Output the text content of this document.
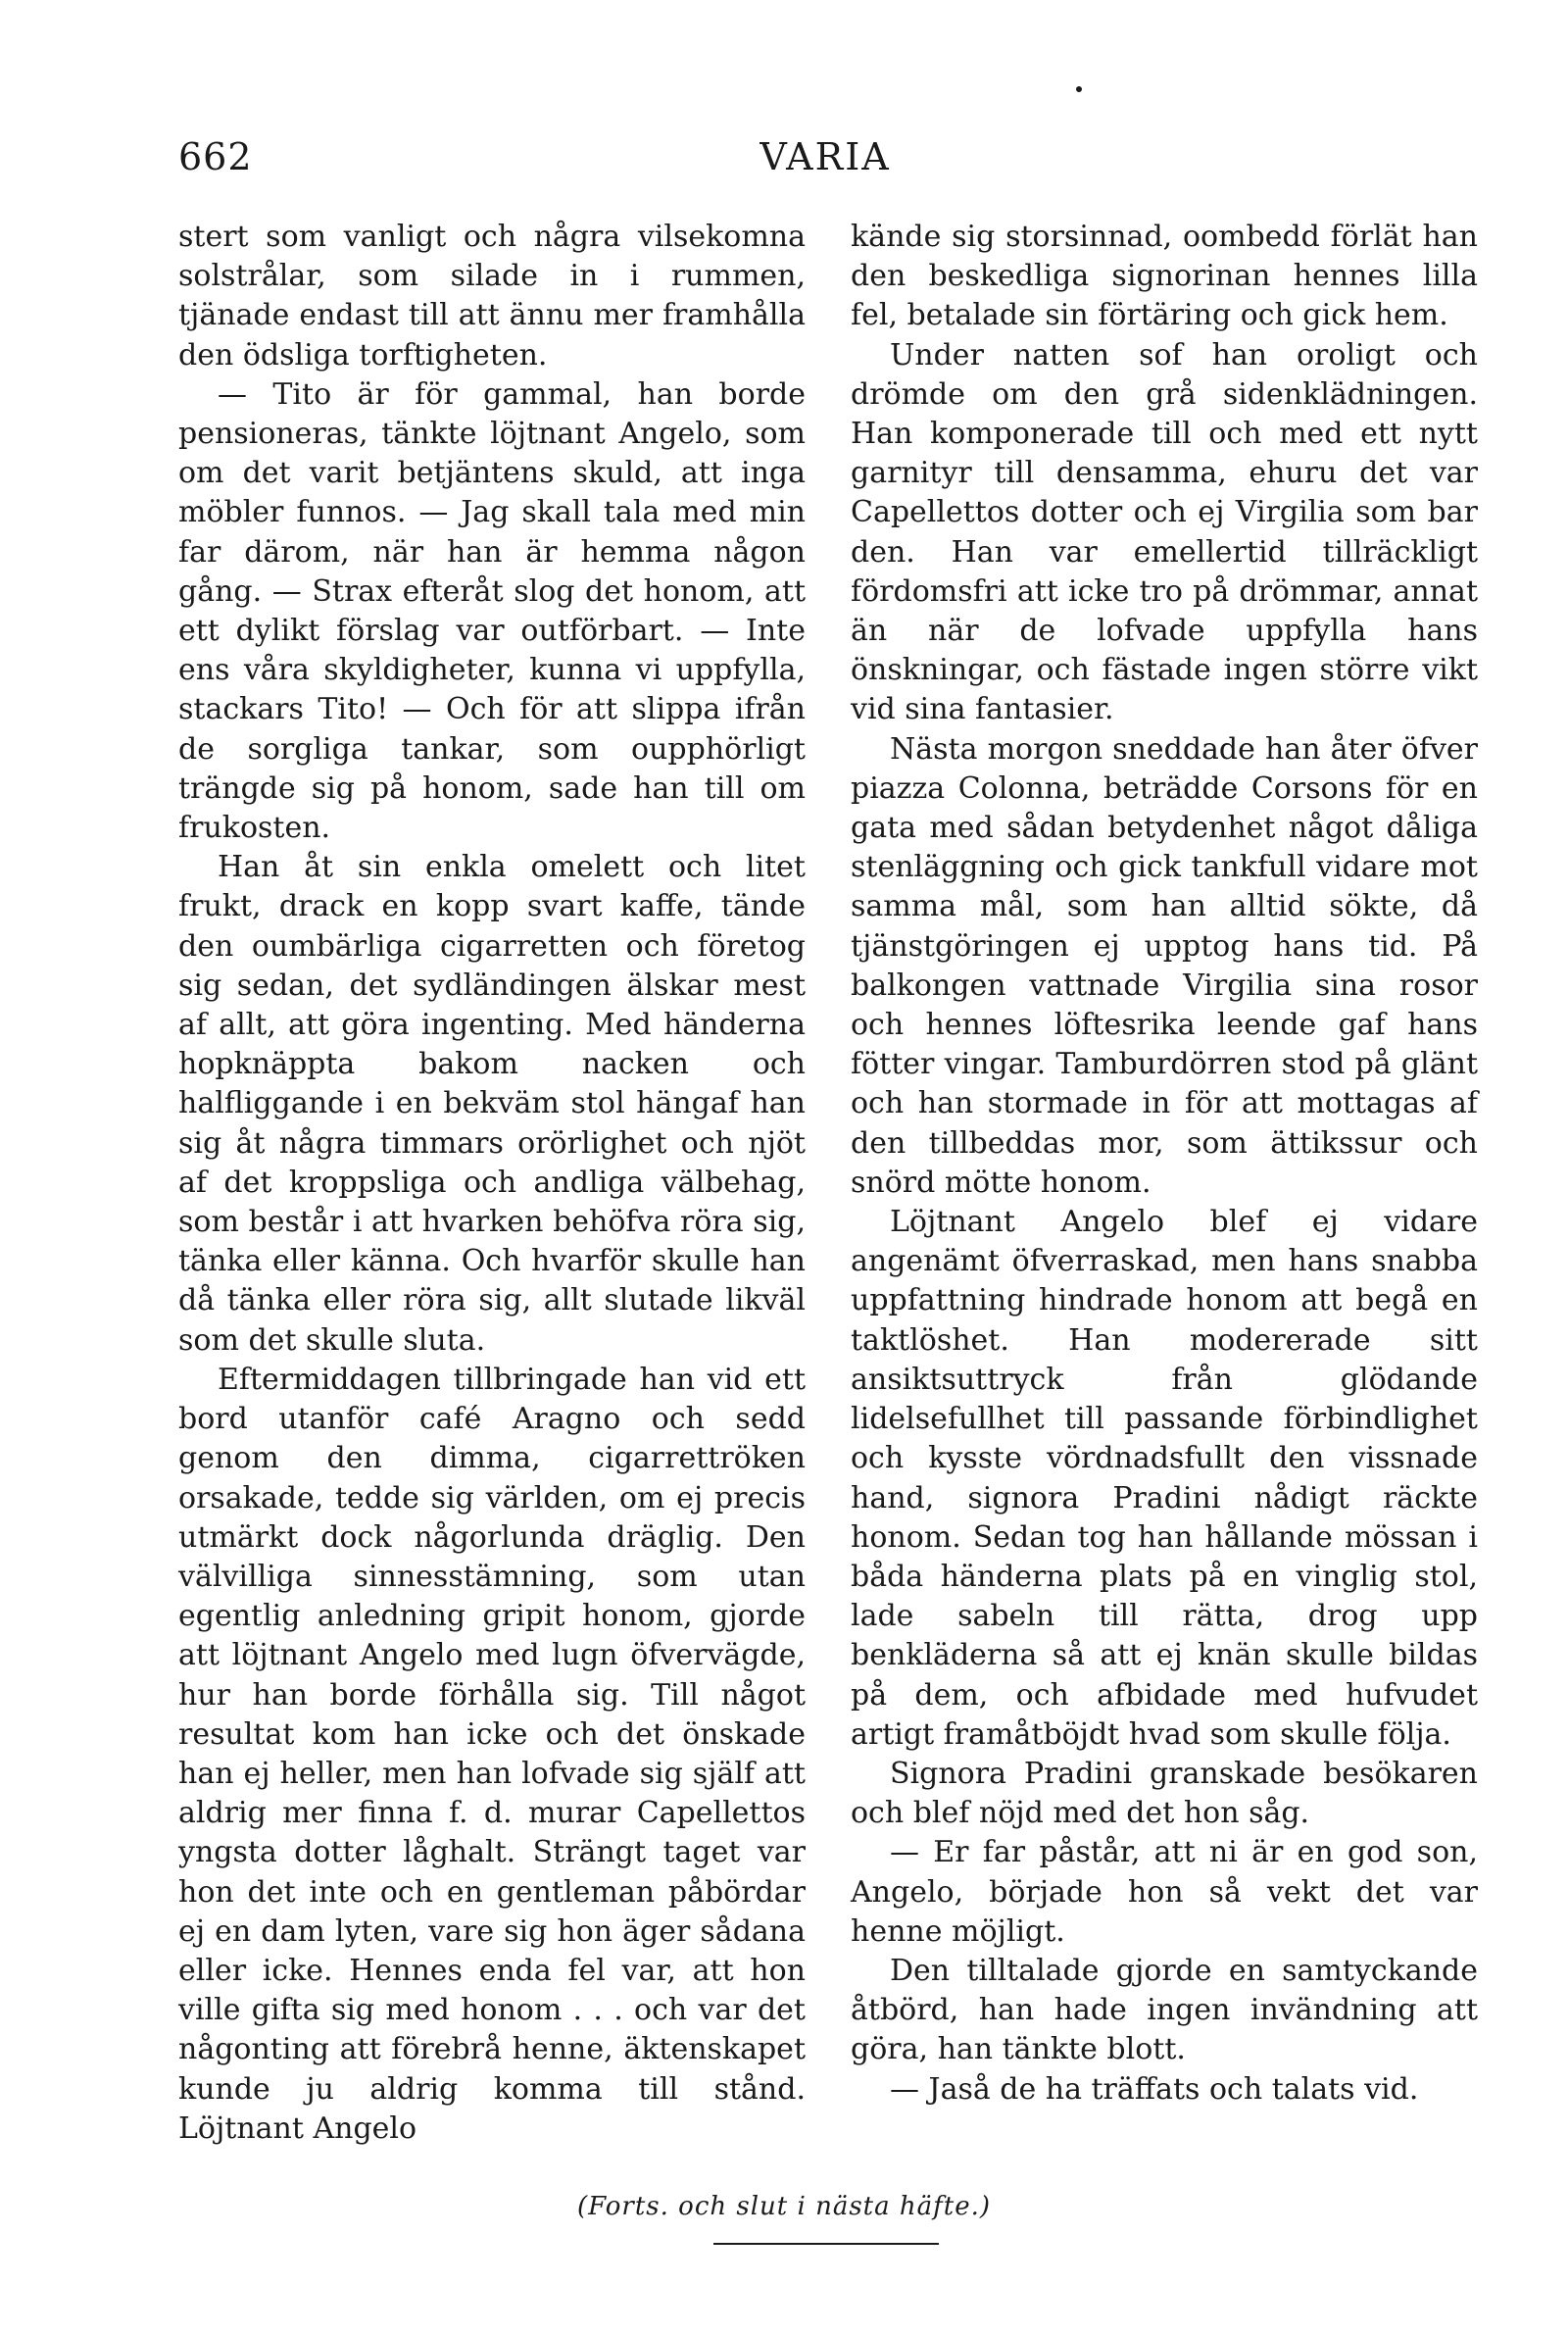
662	VARIA

stert som vanligt och några vilsekomna solstrålar, som silade in i rummen, tjänade endast till att ännu mer framhålla den ödsliga torftigheten.

— Tito är för gammal, han borde pensioneras, tänkte löjtnant Angelo, som om det varit betjäntens skuld, att inga möbler funnos. — Jag skall tala med min far därom, när han är hemma någon gång. — Strax efteråt slog det honom, att ett dylikt förslag var outförbart. — Inte ens våra skyldigheter, kunna vi uppfylla, stackars Tito! — Och för att slippa ifrån de sorgliga tankar, som oupphörligt trängde sig på honom, sade han till om frukosten.

Han åt sin enkla omelett och litet frukt, drack en kopp svart kaffe, tände den oumbärliga cigarretten och företog sig sedan, det sydländingen älskar mest af allt, att göra ingenting. Med händerna hopknäppta bakom nacken och halfliggande i en bekväm stol hängaf han sig åt några timmars orörlighet och njöt af det kroppsliga och andliga välbehag, som består i att hvarken behöfva röra sig, tänka eller känna. Och hvarför skulle han då tänka eller röra sig, allt slutade likväl som det skulle sluta.

Eftermiddagen tillbringade han vid ett bord utanför café Aragno och sedd genom den dimma, cigarrettröken orsakade, tedde sig världen, om ej precis utmärkt dock någorlunda dräglig. Den välvilliga sinnesstämning, som utan egentlig anledning gripit honom, gjorde att löjtnant Angelo med lugn öfvervägde, hur han borde förhålla sig. Till något resultat kom han icke och det önskade han ej heller, men han lofvade sig själf att aldrig mer finna f. d. murar Capellettos yngsta dotter låghalt. Strängt taget var hon det inte och en gentleman påbördar ej en dam lyten, vare sig hon äger sådana eller icke. Hennes enda fel var, att hon ville gifta sig med honom . . . och var det någonting att förebrå henne, äktenskapet kunde ju aldrig komma till stånd. Löjtnant Angelo

kände sig storsinnad, oombedd förlät han den beskedliga signorinan hennes lilla fel, betalade sin förtäring och gick hem.

Under natten sof han oroligt och drömde om den grå sidenklädningen. Han komponerade till och med ett nytt garnityr till densamma, ehuru det var Capellettos dotter och ej Virgilia som bar den. Han var emellertid tillräckligt fördomsfri att icke tro på drömmar, annat än när de lofvade uppfylla hans önskningar, och fästade ingen större vikt vid sina fantasier.

Nästa morgon sneddade han åter öfver piazza Colonna, beträdde Corsons för en gata med sådan betydenhet något dåliga stenläggning och gick tankfull vidare mot samma mål, som han alltid sökte, då tjänstgöringen ej upptog hans tid. På balkongen vattnade Virgilia sina rosor och hennes löftesrika leende gaf hans fötter vingar. Tamburdörren stod på glänt och han stormade in för att mottagas af den tillbeddas mor, som ättikssur och snörd mötte honom.

Löjtnant Angelo blef ej vidare angenämt öfverraskad, men hans snabba uppfattning hindrade honom att begå en taktlöshet. Han modererade sitt ansiktsuttryck från glödande lidelsefullhet till passande förbindlighet och kysste vördnadsfullt den vissnade hand, signora Pradini nådigt räckte honom. Sedan tog han hållande mössan i båda händerna plats på en vinglig stol, lade sabeln till rätta, drog upp benkläderna så att ej knän skulle bildas på dem, och afbidade med hufvudet artigt framåtböjdt hvad som skulle följa.

Signora Pradini granskade besökaren och blef nöjd med det hon såg.

— Er far påstår, att ni är en god son, Angelo, började hon så vekt det var henne möjligt.

Den tilltalade gjorde en samtyckande åtbörd, han hade ingen invändning att göra, han tänkte blott.

— Jaså de ha träffats och talats vid.

(Forts. och slut i nästa häfte.)
